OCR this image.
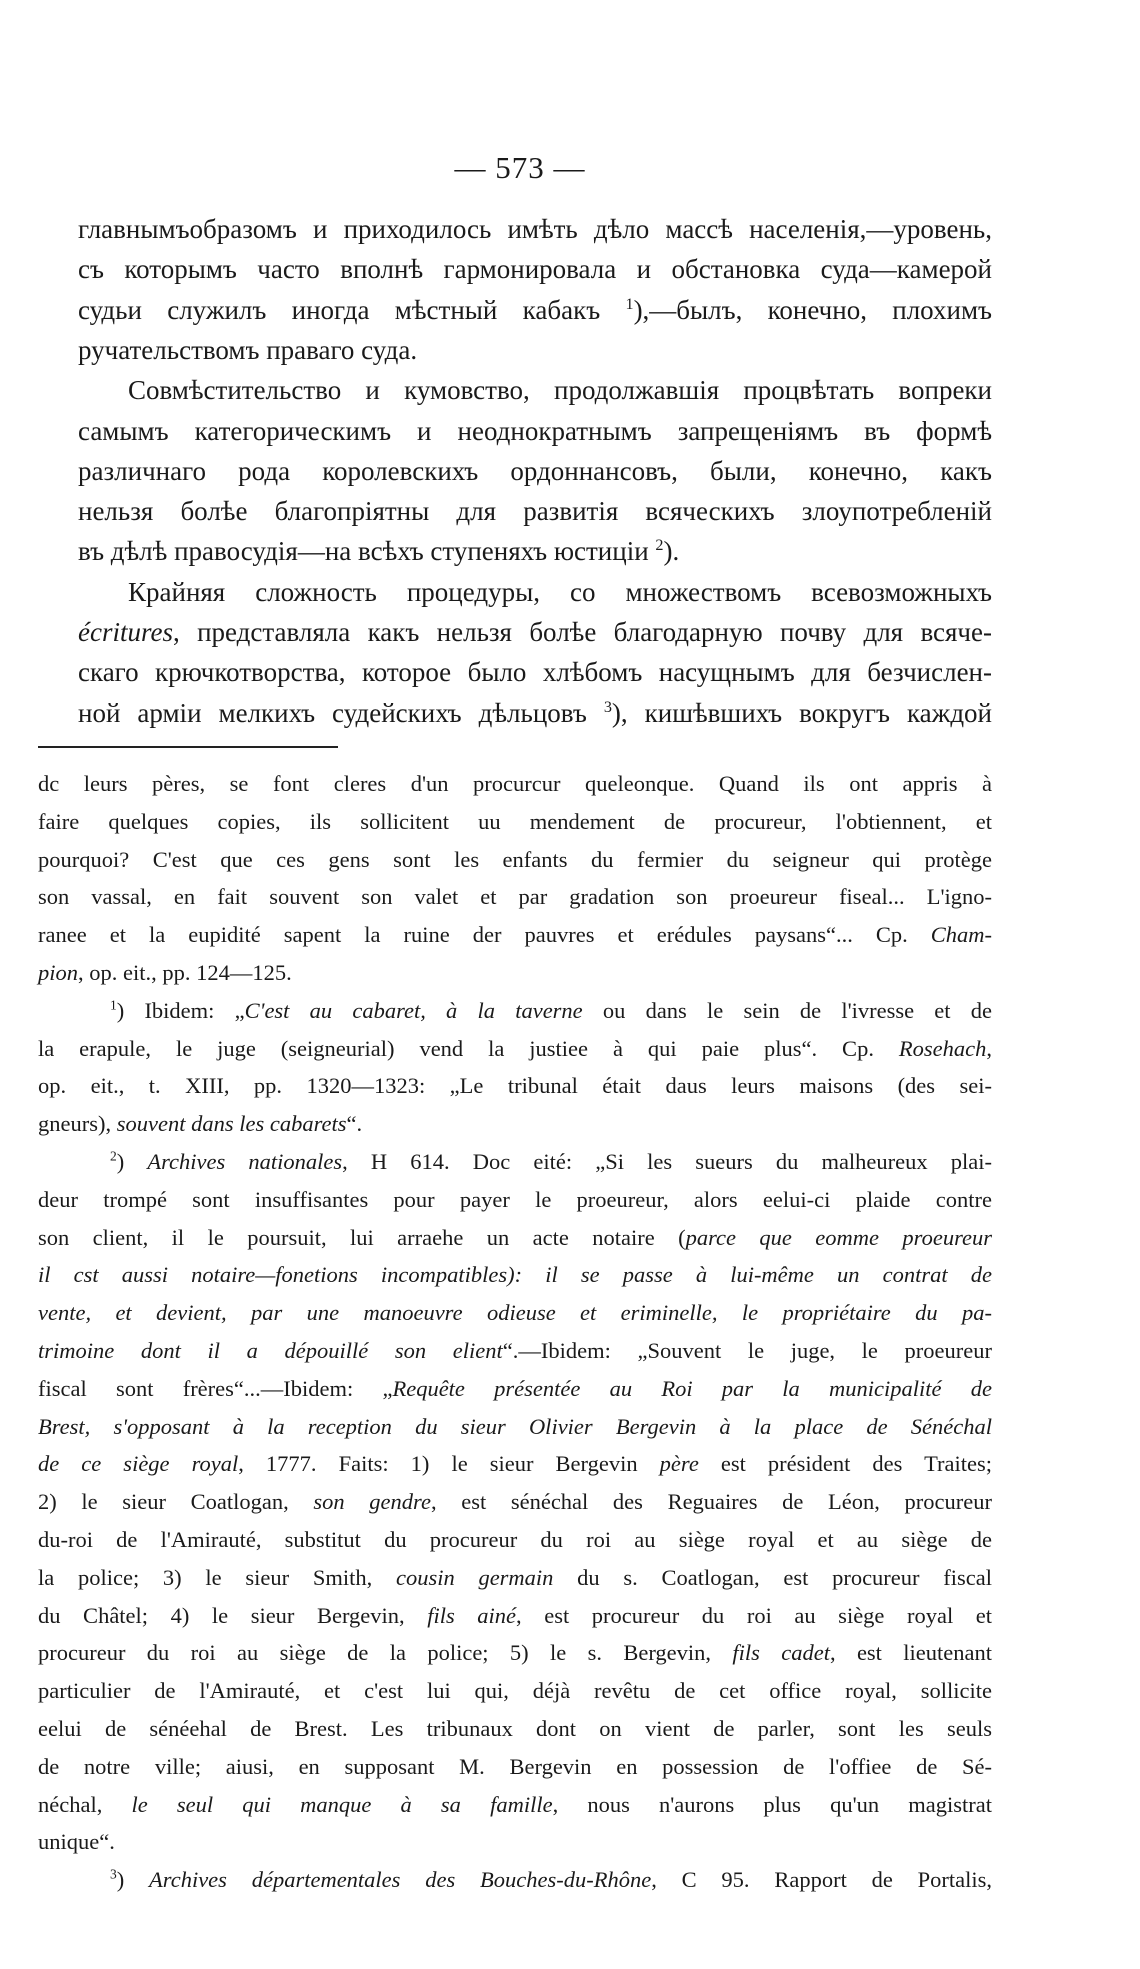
— 573 —
главнымъобразомъ и приходилось имѣть дѣло массѣ населенія,—уровень,
съ которымъ часто вполнѣ гармонировала и обстановка суда—камерой
судьи служилъ иногда мѣстный кабакъ $^1$),—былъ, конечно, плохимъ
ручательствомъ праваго суда.
Совмѣстительство и кумовство, продолжавшія процвѣтать вопреки
самымъ категорическимъ и неоднократнымъ запрещеніямъ въ формѣ
различнаго рода королевскихъ ордоннансовъ, были, конечно, какъ
нельзя болѣе благопріятны для развитія всяческихъ злоупотребленій
въ дѣлѣ правосудія—на всѣхъ ступеняхъ юстиціи $^2$).
Крайняя сложность процедуры, со множествомъ всевозможныхъ
écritures, представляла какъ нельзя болѣе благодарную почву для всяче-
скаго крючкотворства, которое было хлѣбомъ насущнымъ для безчислен-
ной арміи мелкихъ судейскихъ дѣльцовъ $^3$), кишѣвшихъ вокругъ каждой
dc leurs pères, se font cleres d'un procurcur queleonque. Quand ils ont appris à
faire quelques copies, ils sollicitent uu mendement de procureur, l'obtiennent, et
pourquoi? C'est que ces gens sont les enfants du fermier du seigneur qui protège
son vassal, en fait souvent son valet et par gradation son proeureur fiseal... L'igno-
ranee et la eupidité sapent la ruine der pauvres et erédules paysans“... Cp. Cham-
pion, op. eit., pp. 124—125.
$^1$) Ibidem: „C'est au cabaret, à la taverne ou dans le sein de l'ivresse et de
la erapule, le juge (seigneurial) vend la justiee à qui paie plus“. Cp. Rosehach,
op. eit., t. XIII, pp. 1320—1323: „Le tribunal était daus leurs maisons (des sei-
gneurs), souvent dans les cabarets“.
$^2$) Archives nationales, H 614. Doc eité: „Si les sueurs du malheureux plai-
deur trompé sont insuffisantes pour payer le proeureur, alors eelui-ci plaide contre
son client, il le poursuit, lui arraehe un acte notaire (parce que eomme proeureur
il cst aussi notaire—fonetions incompatibles): il se passe à lui-même un contrat de
vente, et devient, par une manoeuvre odieuse et eriminelle, le propriétaire du pa-
trimoine dont il a dépouillé son elient“.—Ibidem: „Souvent le juge, le proeureur
fiscal sont frères“...—Ibidem: „Requête présentée au Roi par la municipalité de
Brest, s'opposant à la reception du sieur Olivier Bergevin à la place de Sénéchal
de ce siège royal, 1777. Faits: 1) le sieur Bergevin père est président des Traites;
2) le sieur Coatlogan, son gendre, est sénéchal des Reguaires de Léon, procureur
du-roi de l'Amirauté, substitut du procureur du roi au siège royal et au siège de
la police; 3) le sieur Smith, cousin germain du s. Coatlogan, est procureur fiscal
du Châtel; 4) le sieur Bergevin, fils ainé, est procureur du roi au siège royal et
procureur du roi au siège de la police; 5) le s. Bergevin, fils cadet, est lieutenant
particulier de l'Amirauté, et c'est lui qui, déjà revêtu de cet office royal, sollicite
eelui de sénéehal de Brest. Les tribunaux dont on vient de parler, sont les seuls
de notre ville; aiusi, en supposant M. Bergevin en possession de l'offiee de Sé-
néchal, le seul qui manque à sa famille, nous n'aurons plus qu'un magistrat
unique“.
$^3$) Archives départementales des Bouches-du-Rhône, C 95. Rapport de Portalis,
